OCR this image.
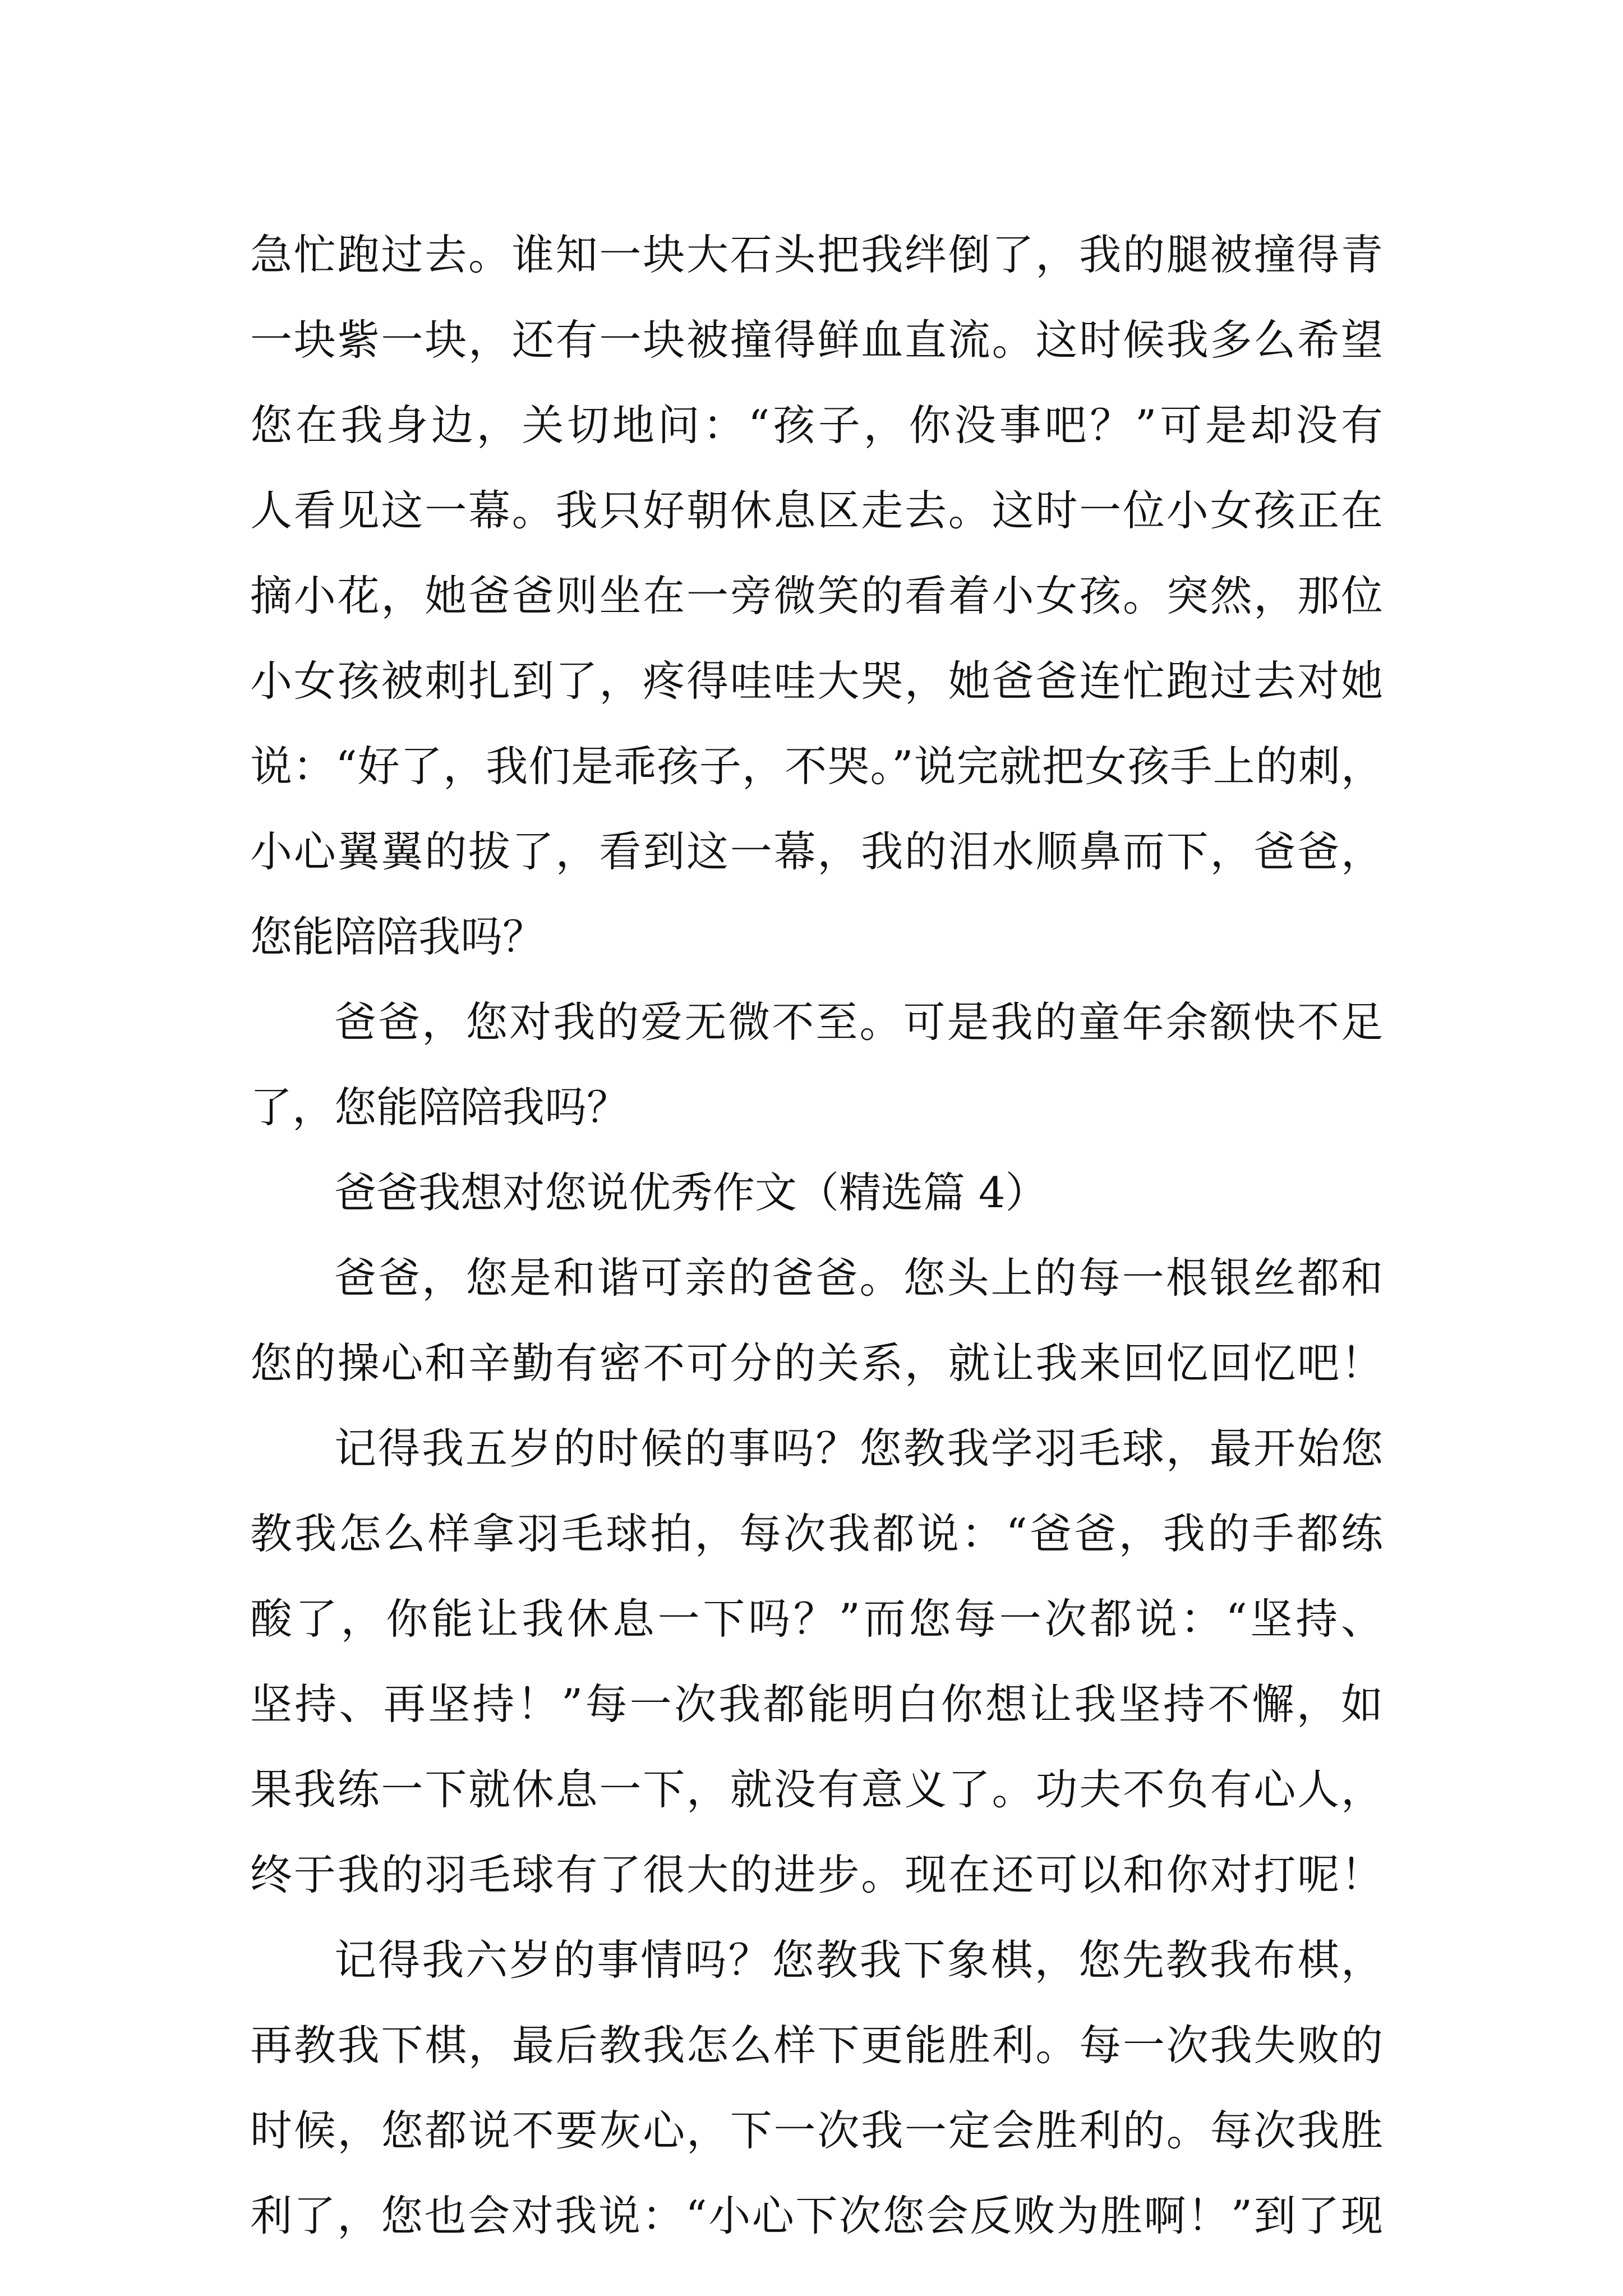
急忙跑过去。谁知一块大石头把我绊倒了，我的腿被撞得青
一块紫一块，还有一块被撞得鲜血直流。这时候我多么希望
您在我身边，关切地问：“孩子，你没事吧？”可是却没有
人看见这一幕。我只好朝休息区走去。这时一位小女孩正在
摘小花，她爸爸则坐在一旁微笑的看着小女孩。突然，那位
小女孩被刺扎到了，疼得哇哇大哭，她爸爸连忙跑过去对她
说：“好了，我们是乖孩子，不哭。”说完就把女孩手上的刺，
小心翼翼的拔了，看到这一幕，我的泪水顺鼻而下，爸爸，
您能陪陪我吗？
爸爸，您对我的爱无微不至。可是我的童年余额快不足
了，您能陪陪我吗？
爸爸我想对您说优秀作文（精选篇 4）
爸爸，您是和谐可亲的爸爸。您头上的每一根银丝都和
您的操心和辛勤有密不可分的关系，就让我来回忆回忆吧！
记得我五岁的时候的事吗？您教我学羽毛球，最开始您
教我怎么样拿羽毛球拍，每次我都说：“爸爸，我的手都练
酸了，你能让我休息一下吗？”而您每一次都说：“坚持、
坚持、再坚持！”每一次我都能明白你想让我坚持不懈，如
果我练一下就休息一下，就没有意义了。功夫不负有心人，
终于我的羽毛球有了很大的进步。现在还可以和你对打呢！
记得我六岁的事情吗？您教我下象棋，您先教我布棋，
再教我下棋，最后教我怎么样下更能胜利。每一次我失败的
时候，您都说不要灰心，下一次我一定会胜利的。每次我胜
利了，您也会对我说：“小心下次您会反败为胜啊！”到了现
